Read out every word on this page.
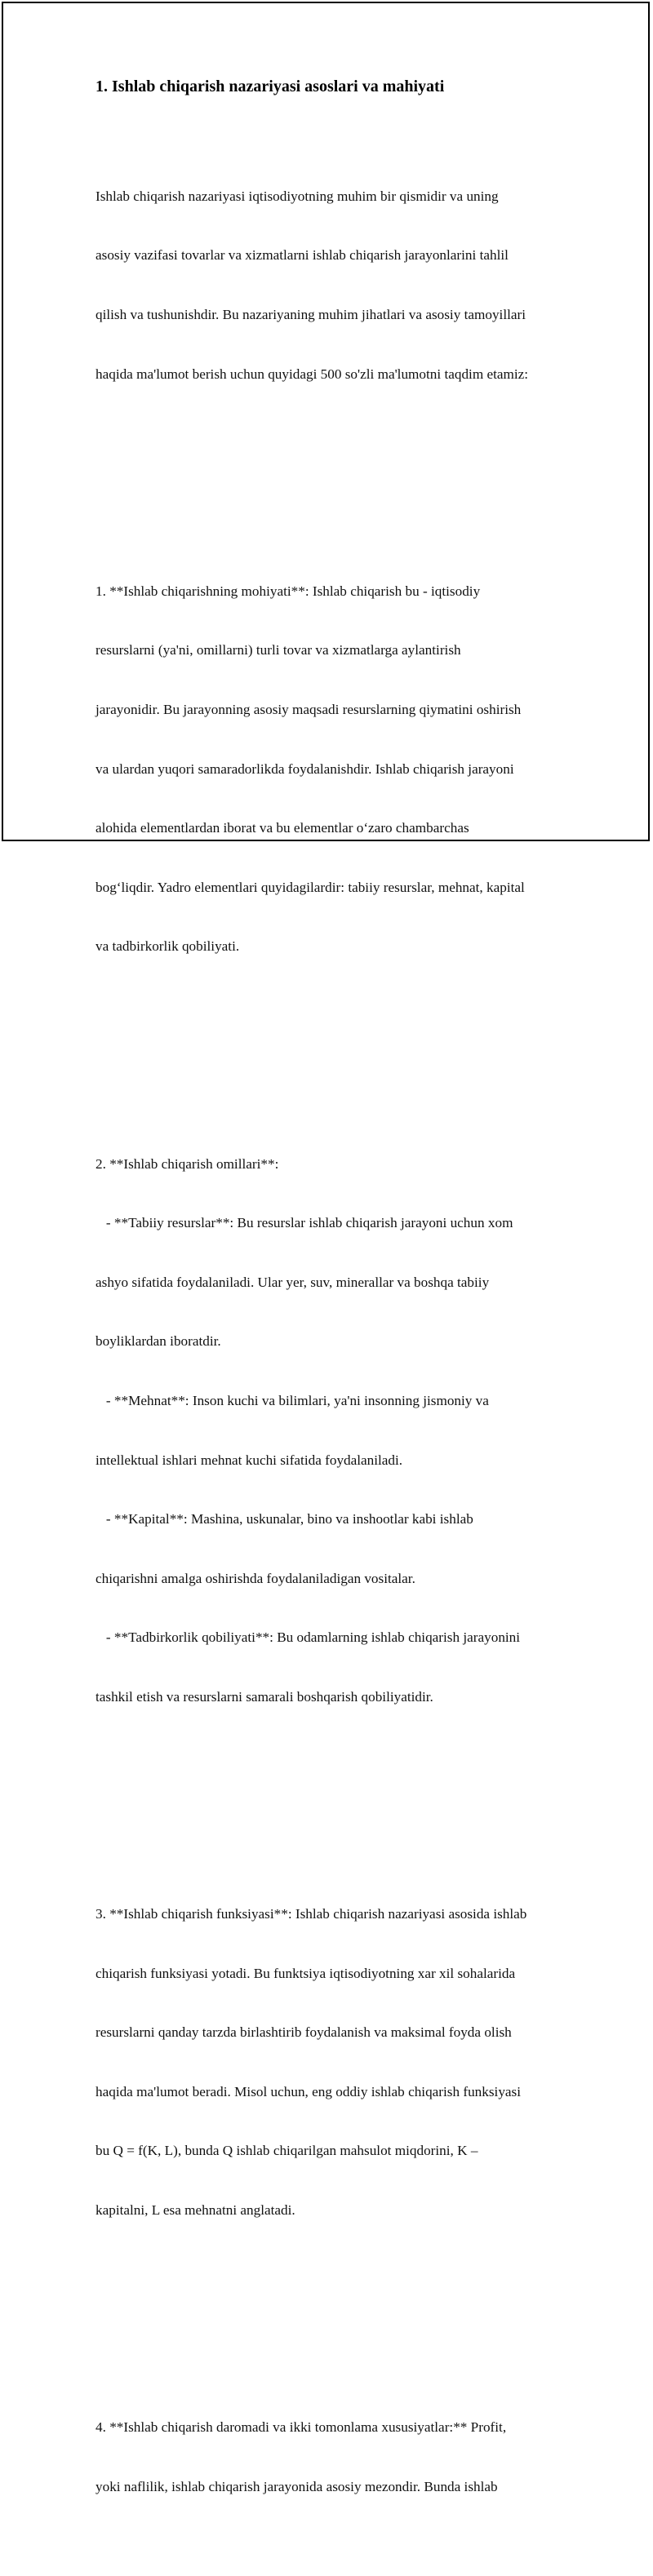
1. Ishlab chiqarish nazariyasi asoslari va mahiyati

Ishlab chiqarish nazariyasi iqtisodiyotning muhim bir qismidir va uning

asosiy vazifasi tovarlar va xizmatlarni ishlab chiqarish jarayonlarini tahlil

qilish va tushunishdir. Bu nazariyaning muhim jihatlari va asosiy tamoyillari

haqida ma'lumot berish uchun quyidagi 500 so'zli ma'lumotni taqdim etamiz:

1. **Ishlab chiqarishning mohiyati**: Ishlab chiqarish bu - iqtisodiy

resurslarni (ya'ni, omillarni) turli tovar va xizmatlarga aylantirish

jarayonidir. Bu jarayonning asosiy maqsadi resurslarning qiymatini oshirish

va ulardan yuqori samaradorlikda foydalanishdir. Ishlab chiqarish jarayoni

alohida elementlardan iborat va bu elementlar o‘zaro chambarchas

bog‘liqdir. Yadro elementlari quyidagilardir: tabiiy resurslar, mehnat, kapital

va tadbirkorlik qobiliyati.

2. **Ishlab chiqarish omillari**:

- **Tabiiy resurslar**: Bu resurslar ishlab chiqarish jarayoni uchun xom

ashyo sifatida foydalaniladi. Ular yer, suv, minerallar va boshqa tabiiy

boyliklardan iboratdir.

- **Mehnat**: Inson kuchi va bilimlari, ya'ni insonning jismoniy va

intellektual ishlari mehnat kuchi sifatida foydalaniladi.

- **Kapital**: Mashina, uskunalar, bino va inshootlar kabi ishlab

chiqarishni amalga oshirishda foydalaniladigan vositalar.

- **Tadbirkorlik qobiliyati**: Bu odamlarning ishlab chiqarish jarayonini

tashkil etish va resurslarni samarali boshqarish qobiliyatidir.

3. **Ishlab chiqarish funksiyasi**: Ishlab chiqarish nazariyasi asosida ishlab

chiqarish funksiyasi yotadi. Bu funktsiya iqtisodiyotning xar xil sohalarida

resurslarni qanday tarzda birlashtirib foydalanish va maksimal foyda olish

haqida ma'lumot beradi. Misol uchun, eng oddiy ishlab chiqarish funksiyasi

bu Q = f(K, L), bunda Q ishlab chiqarilgan mahsulot miqdorini, K –

kapitalni, L esa mehnatni anglatadi.

4. **Ishlab chiqarish daromadi va ikki tomonlama xususiyatlar:** Profit,

yoki naflilik, ishlab chiqarish jarayonida asosiy mezondir. Bunda ishlab
